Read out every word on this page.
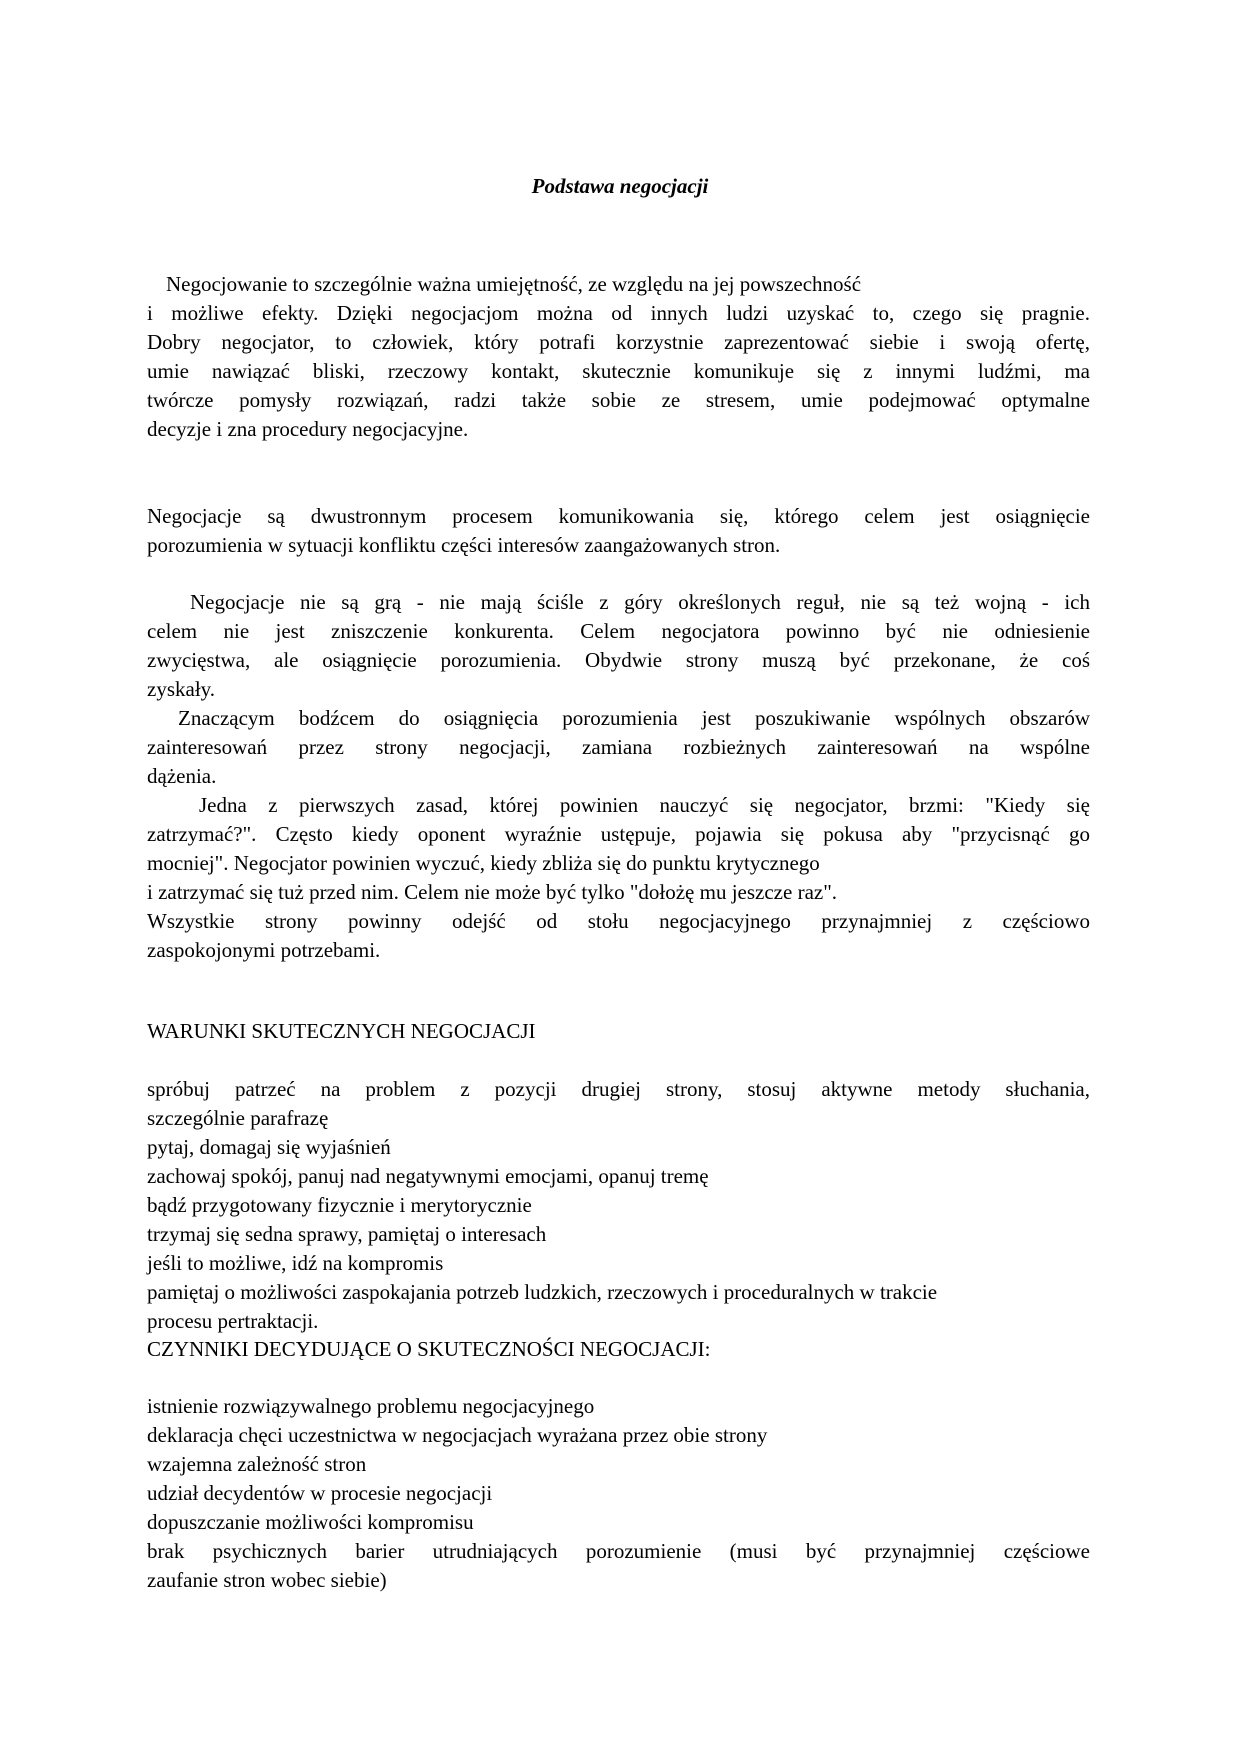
Podstawa negocjacji
Negocjowanie to szczególnie ważna umiejętność, ze względu na jej powszechność
i możliwe efekty. Dzięki negocjacjom można od innych ludzi uzyskać to, czego się pragnie.
Dobry negocjator, to człowiek, który potrafi korzystnie zaprezentować siebie i swoją ofertę,
umie nawiązać bliski, rzeczowy kontakt, skutecznie komunikuje się z innymi ludźmi, ma
twórcze pomysły rozwiązań, radzi także sobie ze stresem, umie podejmować optymalne
decyzje i zna procedury negocjacyjne.
Negocjacje są dwustronnym procesem komunikowania się, którego celem jest osiągnięcie
porozumienia w sytuacji konfliktu części interesów zaangażowanych stron.
Negocjacje nie są grą - nie mają ściśle z góry określonych reguł, nie są też wojną - ich
celem nie jest zniszczenie konkurenta. Celem negocjatora powinno być nie odniesienie
zwycięstwa, ale osiągnięcie porozumienia. Obydwie strony muszą być przekonane, że coś
zyskały.
Znaczącym bodźcem do osiągnięcia porozumienia jest poszukiwanie wspólnych obszarów
zainteresowań przez strony negocjacji, zamiana rozbieżnych zainteresowań na wspólne
dążenia.
Jedna z pierwszych zasad, której powinien nauczyć się negocjator, brzmi: "Kiedy się
zatrzymać?". Często kiedy oponent wyraźnie ustępuje, pojawia się pokusa aby "przycisnąć go
mocniej". Negocjator powinien wyczuć, kiedy zbliża się do punktu krytycznego
i zatrzymać się tuż przed nim. Celem nie może być tylko "dołożę mu jeszcze raz".
Wszystkie strony powinny odejść od stołu negocjacyjnego przynajmniej z częściowo
zaspokojonymi potrzebami.
WARUNKI SKUTECZNYCH NEGOCJACJI
spróbuj patrzeć na problem z pozycji drugiej strony, stosuj aktywne metody słuchania,
szczególnie parafrazę
pytaj, domagaj się wyjaśnień
zachowaj spokój, panuj nad negatywnymi emocjami, opanuj tremę
bądź przygotowany fizycznie i merytorycznie
trzymaj się sedna sprawy, pamiętaj o interesach
jeśli to możliwe, idź na kompromis
pamiętaj o możliwości zaspokajania potrzeb ludzkich, rzeczowych i proceduralnych w trakcie
procesu pertraktacji.
CZYNNIKI DECYDUJĄCE O SKUTECZNOŚCI NEGOCJACJI:
istnienie rozwiązywalnego problemu negocjacyjnego
deklaracja chęci uczestnictwa w negocjacjach wyrażana przez obie strony
wzajemna zależność stron
udział decydentów w procesie negocjacji
dopuszczanie możliwości kompromisu
brak psychicznych barier utrudniających porozumienie (musi być przynajmniej częściowe
zaufanie stron wobec siebie)
